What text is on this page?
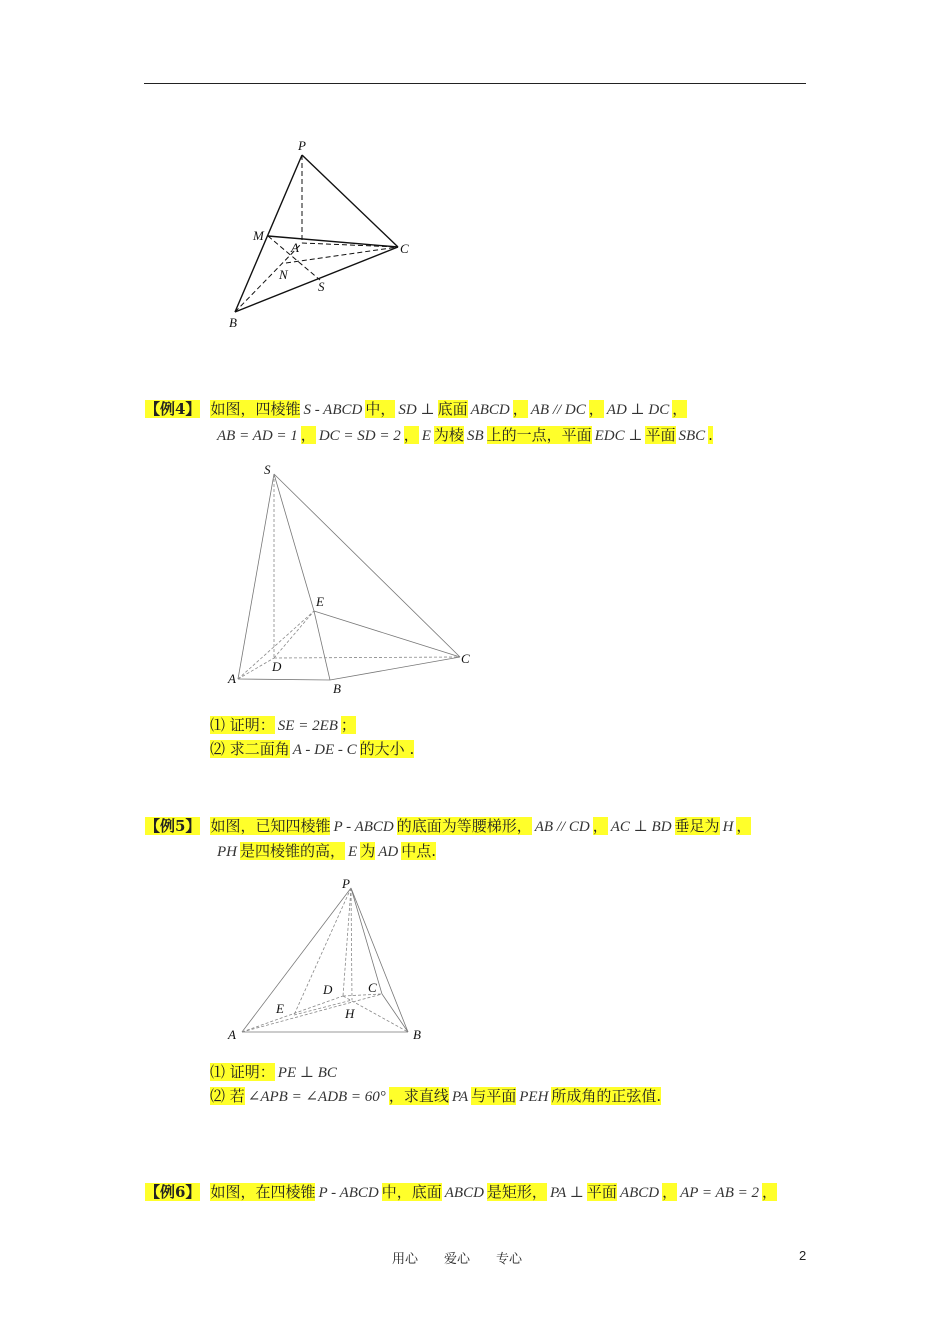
P
M
A	C
N
S
B
【例4】 如图，四棱锥 S - ABCD 中， SD ⊥ 底面 ABCD ， AB // DC ， AD ⊥ DC ，
AB = AD = 1 ， DC = SD = 2 ， E 为棱 SB 上的一点，平面 EDC ⊥ 平面 SBC .
S
E
D
A
B
C
⑴ 证明： SE = 2EB ；
⑵ 求二面角 A - DE - C 的大小 .
【例5】 如图，已知四棱锥 P - ABCD 的底面为等腰梯形， AB // CD ， AC ⊥ BD 垂足为 H ，
PH 是四棱锥的高， E 为 AD 中点.
P
D	C
E	H
A	B
⑴ 证明： PE ⊥ BC
⑵ 若 ∠APB = ∠ADB = 60° ，求直线 PA 与平面 PEH 所成角的正弦值.
【例6】 如图，在四棱锥 P - ABCD 中，底面 ABCD 是矩形， PA ⊥ 平面 ABCD ， AP = AB = 2 ，
用心 爱心 专心	2
